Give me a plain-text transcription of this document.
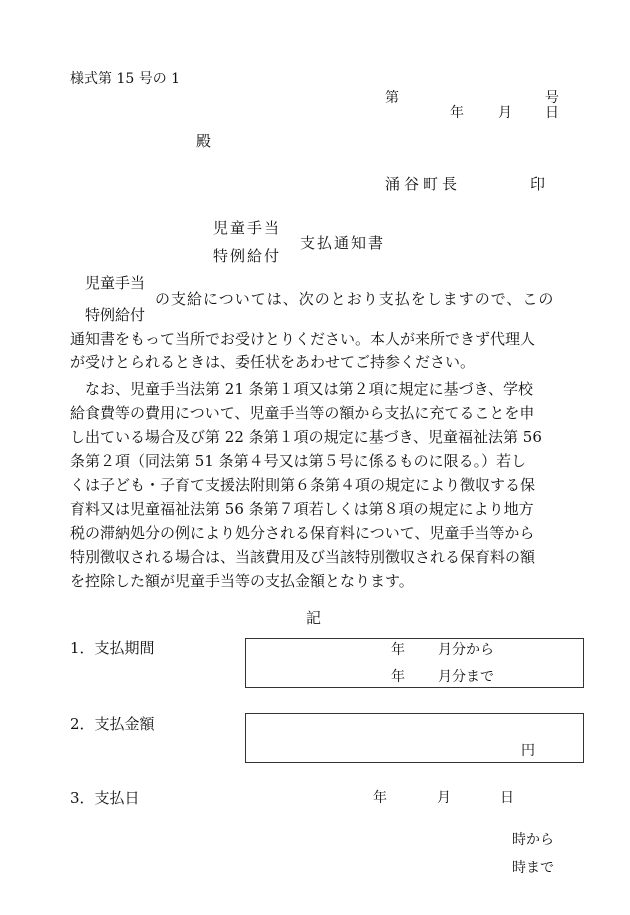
様式第 15 号の 1
第	号
年 月 日
殿
涌谷町長	印
児童手当
支払通知書
特例給付
児童手当
の支給については、次のとおり支払をしますので、この
特例給付
通知書をもって当所でお受けとりください。本人が来所できず代理人
が受けとられるときは、委任状をあわせてご持参ください。

　なお、児童手当法第 21 条第１項又は第２項に規定に基づき、学校

給食費等の費用について、児童手当等の額から支払に充てることを申

し出ている場合及び第 22 条第１項の規定に基づき、児童福祉法第 56

条第２項（同法第 51 条第４号又は第５号に係るものに限る。）若し

くは子ども・子育て支援法附則第６条第４項の規定により徴収する保

育料又は児童福祉法第 56 条第７項若しくは第８項の規定により地方

税の滞納処分の例により処分される保育料について、児童手当等から

特別徴収される場合は、当該費用及び当該特別徴収される保育料の額

を控除した額が児童手当等の支払金額となります。

記
1．支払期間	年 月分から
年 月分まで
2．支払金額
円
3．支払日	年	月	日
時から
時まで
